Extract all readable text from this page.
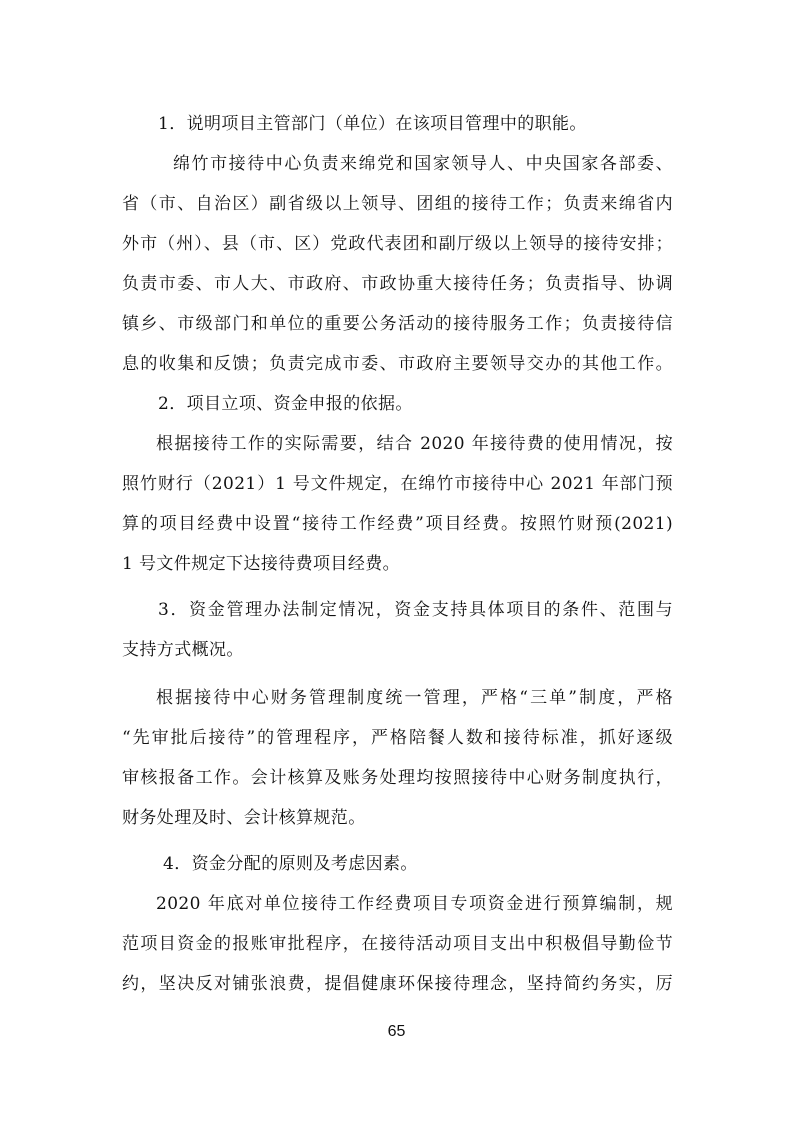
1．说明项目主管部门（单位）在该项目管理中的职能。
绵竹市接待中心负责来绵党和国家领导人、中央国家各部委、
省（市、自治区）副省级以上领导、团组的接待工作；负责来绵省内
外市（州）、县（市、区）党政代表团和副厅级以上领导的接待安排；
负责市委、市人大、市政府、市政协重大接待任务；负责指导、协调
镇乡、市级部门和单位的重要公务活动的接待服务工作；负责接待信
息的收集和反馈；负责完成市委、市政府主要领导交办的其他工作。
2．项目立项、资金申报的依据。
根据接待工作的实际需要，结合 2020 年接待费的使用情况，按
照竹财行（2021）1 号文件规定，在绵竹市接待中心 2021 年部门预
算的项目经费中设置“接待工作经费”项目经费。按照竹财预(2021)
1 号文件规定下达接待费项目经费。
3．资金管理办法制定情况，资金支持具体项目的条件、范围与
支持方式概况。
根据接待中心财务管理制度统一管理，严格“三单”制度，严格
“先审批后接待”的管理程序，严格陪餐人数和接待标准，抓好逐级
审核报备工作。会计核算及账务处理均按照接待中心财务制度执行，
财务处理及时、会计核算规范。
4．资金分配的原则及考虑因素。
2020 年底对单位接待工作经费项目专项资金进行预算编制，规
范项目资金的报账审批程序，在接待活动项目支出中积极倡导勤俭节
约，坚决反对铺张浪费，提倡健康环保接待理念，坚持简约务实，厉
65
